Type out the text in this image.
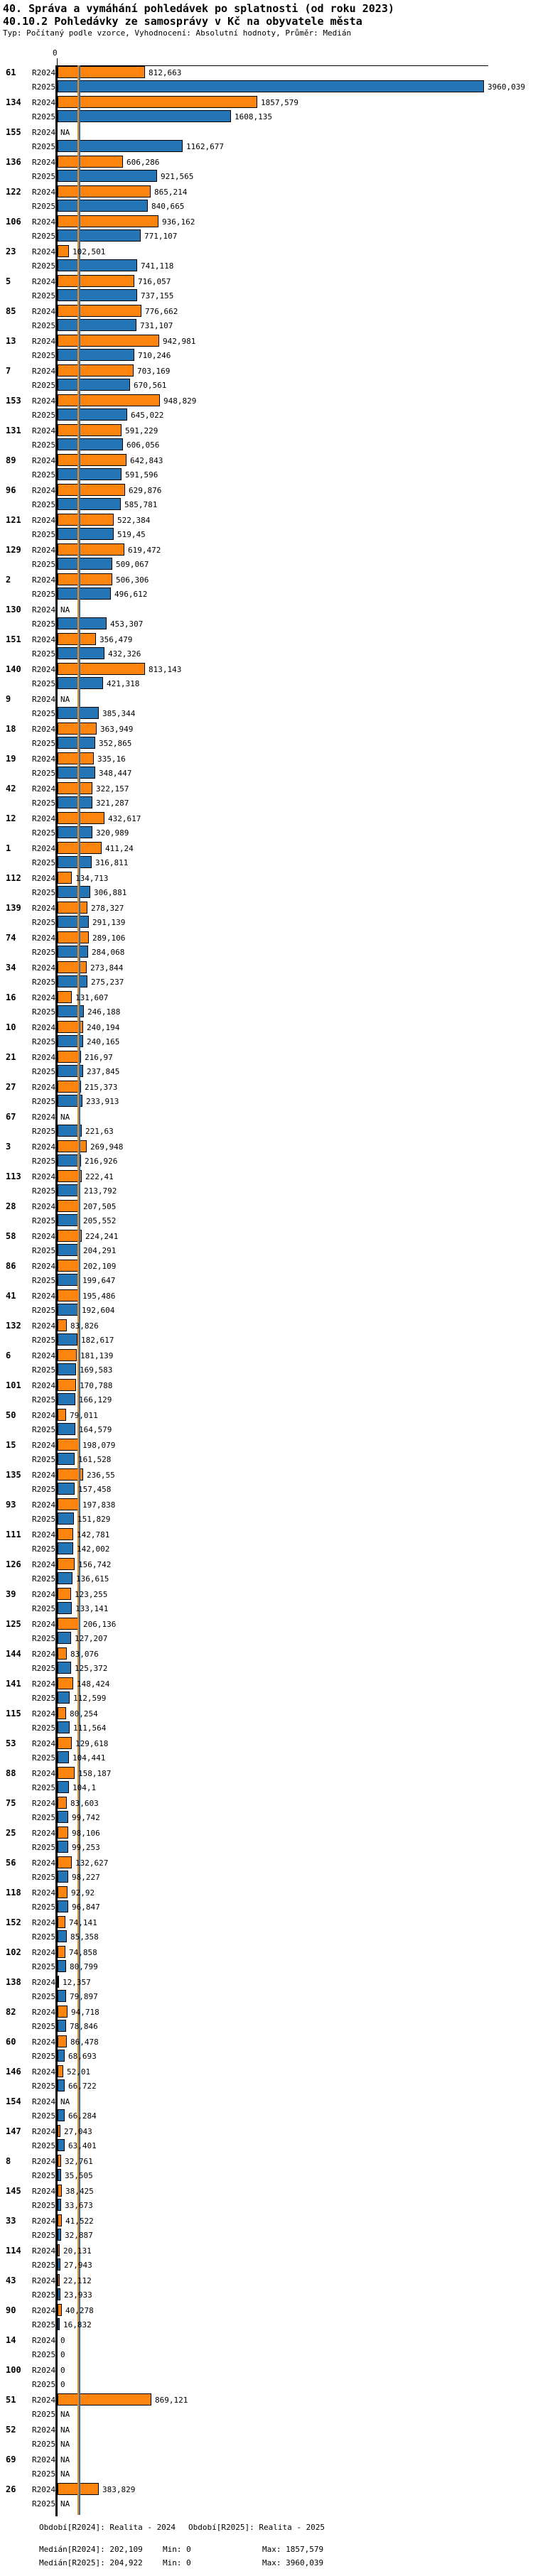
40. Správa a vymáhání pohledávek po splatnosti (od roku 2023)
40.10.2 Pohledávky ze samosprávy v Kč na obyvatele města
Typ: Počítaný podle vzorce, Vyhodnocení: Absolutní hodnoty, Průměr: Medián
0
61 R2024	812,663
R2025	3960,039
134 R2024	1857,579
R2025	1608,135
155 R2024 NA
R2025	1162,677
136 R2024	606,286
R2025	921,565
122 R2024	865,214
R2025	840,665
106 R2024	936,162
R2025	771,107
23 R2024 102,501
R2025	741,118
5	R2024	716,057
R2025	737,155
85 R2024	776,662
R2025	731,107
13 R2024	942,981
R2025	710,246
7	R2024	703,169
R2025	670,561
153 R2024	948,829
R2025	645,022
131 R2024	591,229
R2025	606,056
89 R2024	642,843
R2025	591,596
96 R2024	629,876
R2025	585,781
121 R2024	522,384
R2025	519,45
129 R2024	619,472
R2025	509,067
2	R2024	506,306
R2025	496,612
130 R2024 NA
R2025	453,307
151 R2024	356,479
R2025	432,326
140 R2024	813,143
R2025	421,318
9	R2024 NA
R2025	385,344
18 R2024	363,949
R2025	352,865
19 R2024	335,16
R2025	348,447
42 R2024	322,157
R2025	321,287
12 R2024	432,617
R2025	320,989
1	R2024	411,24
R2025	316,811
112 R2024	134,713
R2025	306,881
139 R2024	278,327
R2025	291,139
74 R2024	289,106
R2025	284,068
34 R2024	273,844
R2025	275,237
16 R2024	131,607
R2025	246,188
10 R2024	240,194
R2025	240,165
21 R2024	216,97
R2025	237,845
27 R2024	215,373
R2025	233,913
67 R2024 NA
R2025	221,63
3	R2024	269,948
R2025	216,926
113 R2024	222,41
R2025	213,792
28 R2024	207,505
R2025	205,552
58 R2024	224,241
R2025	204,291
86 R2024	202,109
R2025	199,647
41 R2024	195,486
R2025	192,604
132 R2024 83,826
R2025	182,617
6	R2024	181,139
R2025	169,583
101 R2024	170,788
R2025	166,129
50 R2024 79,011
R2025	164,579
15 R2024	198,079
R2025	161,528
135 R2024	236,55
R2025	157,458
93 R2024	197,838
R2025	151,829
111 R2024	142,781
R2025	142,002
126 R2024	156,742
R2025	136,615
39 R2024 123,255
R2025	133,141
125 R2024	206,136
R2025 127,207
144 R2024 83,076
R2025 125,372
141 R2024	148,424
R2025 112,599
115 R2024 80,254
R2025 111,564
53 R2024	129,618
R2025 104,441
88 R2024	158,187
R2025 104,1
75 R2024 83,603
R2025 99,742
25 R2024 98,106
R2025 99,253
56 R2024	132,627
R2025 98,227
118 R2024 92,92
R2025 96,847
152 R2024 74,141
R2025 85,358
102 R2024 74,858
R2025 80,799
138 R2024 12,357
R2025 79,897
82 R2024 94,718
R2025 78,846
60 R2024 86,478
R2025 68,693
146 R2024 52,01
R2025 66,722
154 R2024 NA
R2025 66,284
147 R2024 27,043
R2025 63,401
8	R2024 32,761
R2025 35,505
145 R2024 38,425
R2025 33,673
33 R2024 41,522
R2025 32,887
114 R2024 20,131
R2025 27,943
43 R2024 22,112
R2025 23,933
90 R2024 40,278
R2025 16,832
14 R2024 0
R2025 0
100 R2024 0
R2025 0
51 R2024	869,121
R2025 NA
52 R2024 NA
R2025 NA
69 R2024 NA
R2025 NA
26 R2024	383,829
R2025 NA
Období[R2024]: Realita - 2024 Období[R2025]: Realita - 2025
Medián[R2024]: 202,109	Min: 0	Max: 1857,579
Medián[R2025]: 204,922	Min: 0	Max: 3960,039
